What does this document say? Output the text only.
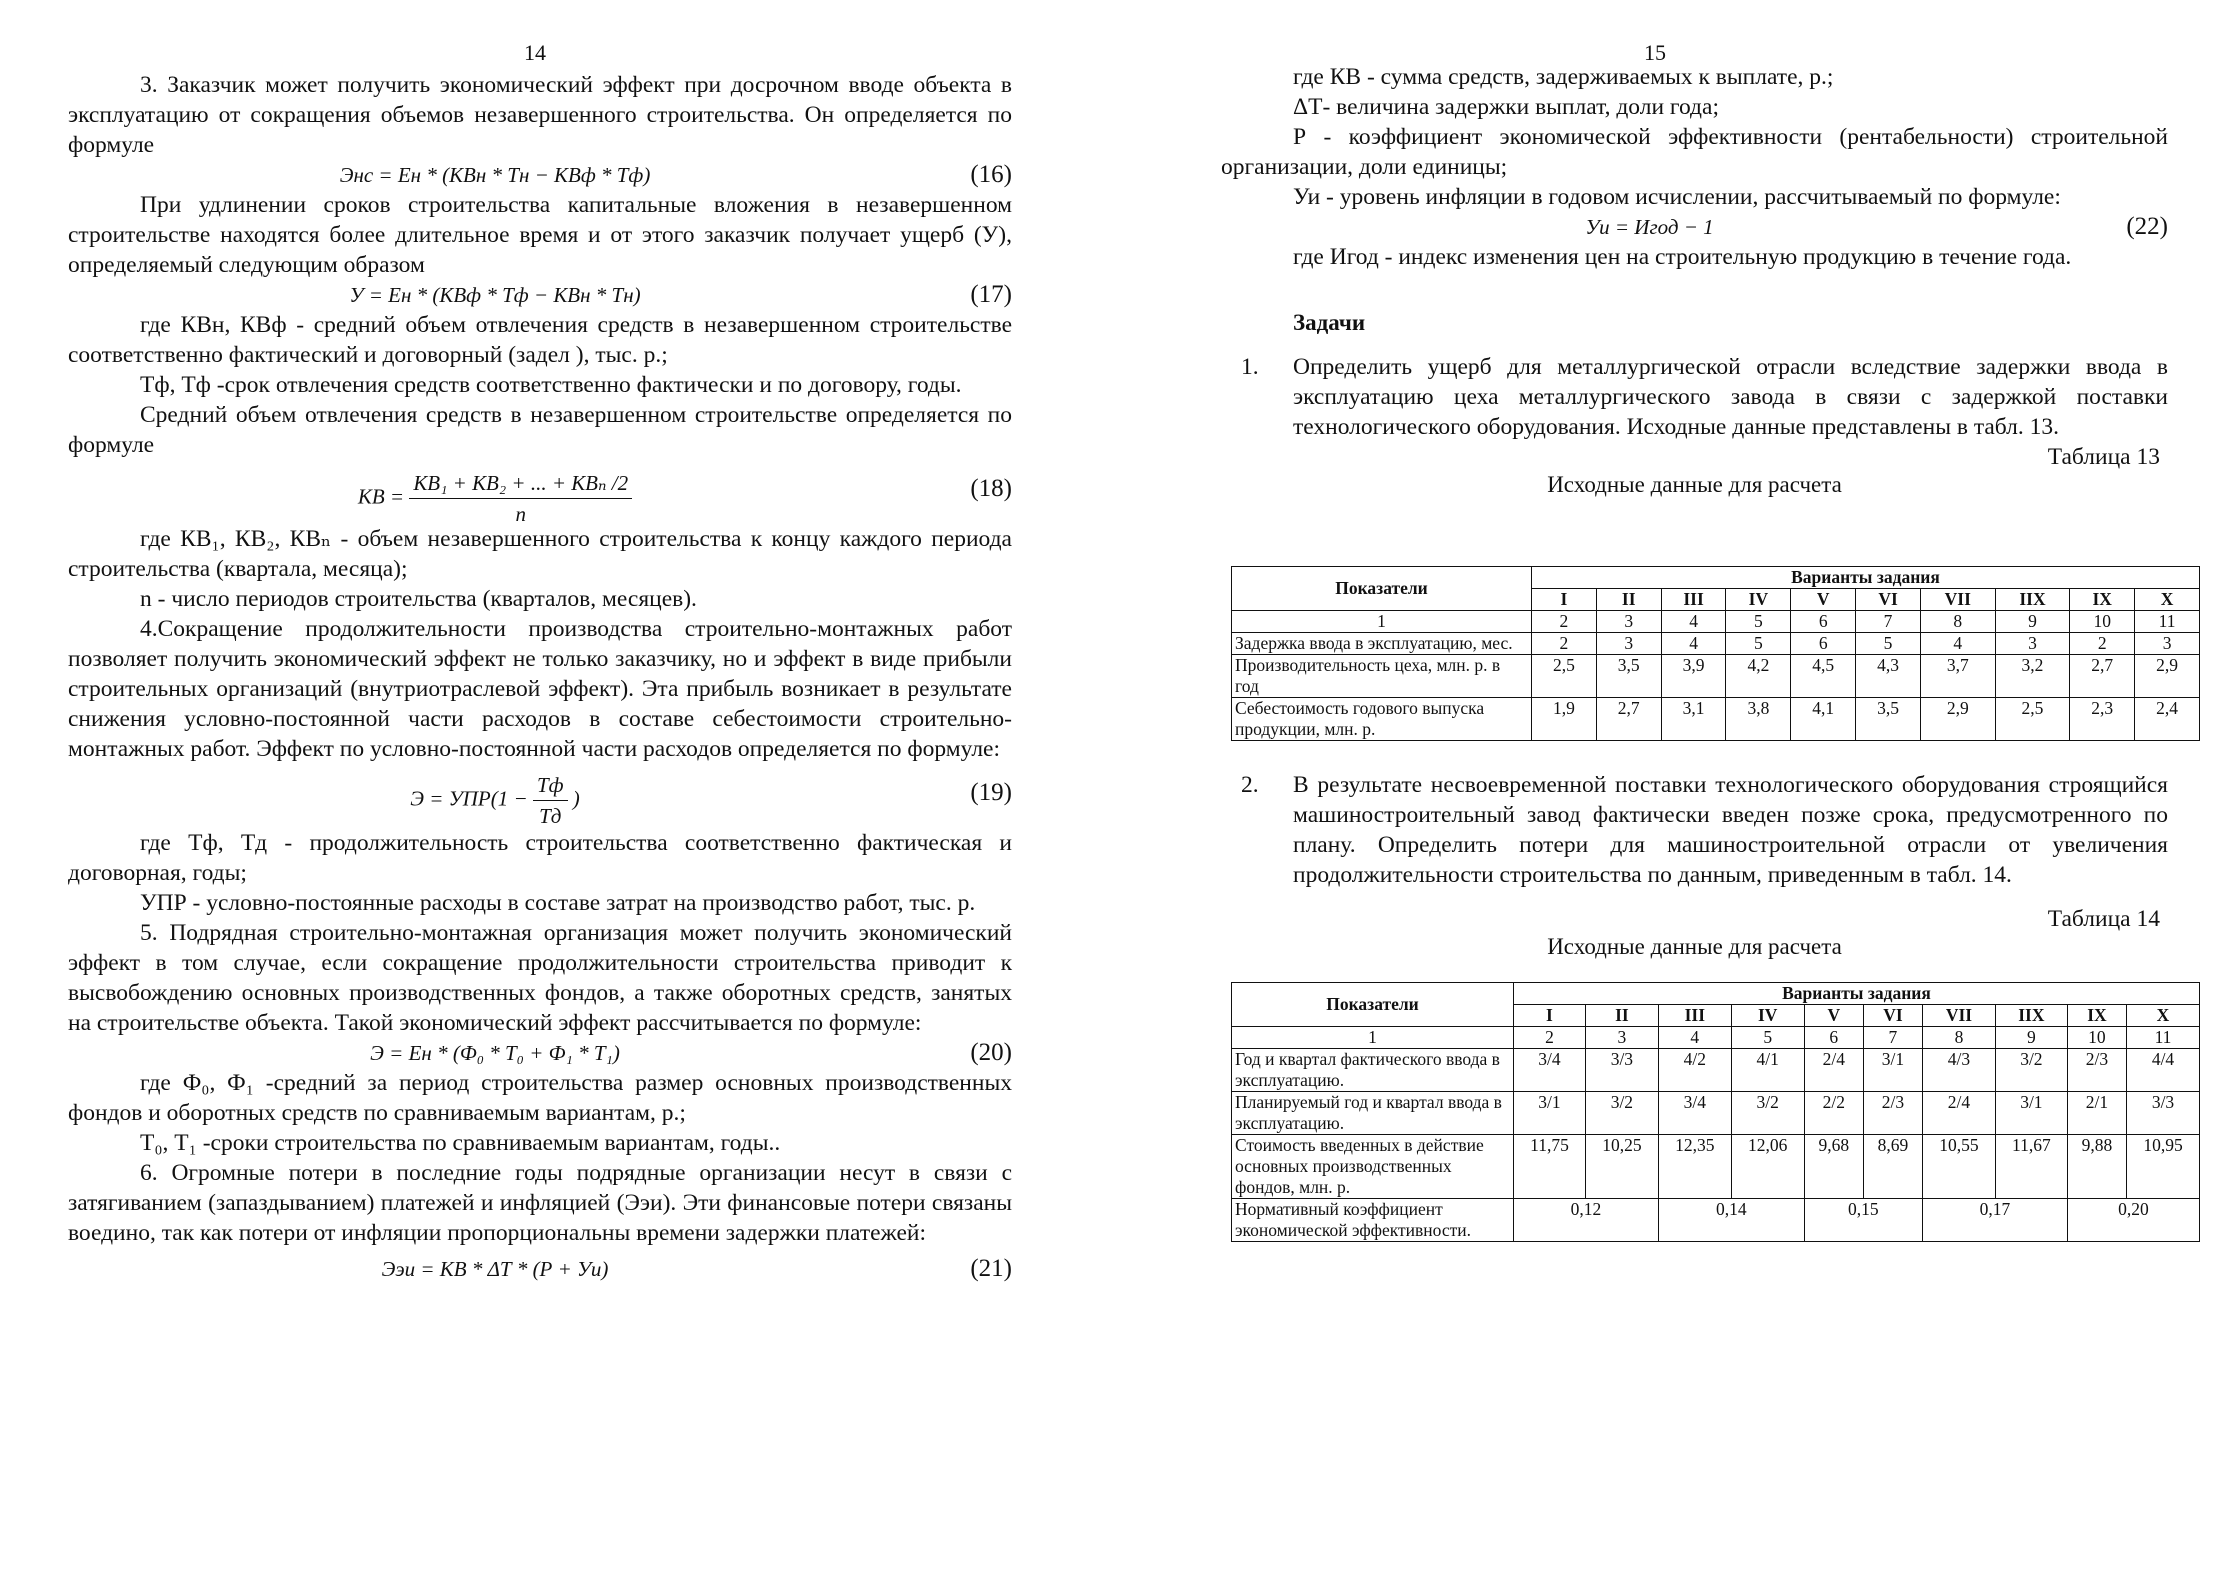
14

3. Заказчик может получить экономический эффект при досрочном вводе объекта в эксплуатацию от сокращения объемов незавершенного строительства. Он определяется по формуле

Энс = Ен * (КВн * Тн − КВф * Тф)	(16)

При удлинении сроков строительства капитальные вложения в незавершенном строительстве находятся более длительное время и от этого заказчик получает ущерб (У), определяемый следующим образом

У = Ен * (КВф * Тф − КВн * Тн)	(17)

где КВн, КВф - средний объем отвлечения средств в незавершенном строительстве соответственно фактический и договорный (задел ), тыс. р.;

Тф, Тф -срок отвлечения средств соответственно фактически и по договору, годы.

Средний объем отвлечения средств в незавершенном строительстве определяется по формуле

КВ = $\frac{\text{КВ₁ + КВ₂ + ... + КВₙ /2}}{n}$	(18)

где КВ₁, КВ₂, КВₙ - объем незавершенного строительства к концу каждого периода строительства (квартала, месяца);

n - число периодов строительства (кварталов, месяцев).

4.Сокращение продолжительности производства строительно-монтажных работ позволяет получить экономический эффект не только заказчику, но и эффект в виде прибыли строительных организаций (внутриотраслевой эффект). Эта прибыль возникает в результате снижения условно-постоянной части расходов в составе себестоимости строительно-монтажных работ. Эффект по условно-постоянной части расходов определяется по формуле:

$Э = УПР(1 - \frac{Тф}{Тд}$ )	(19)

где Тф, Тд - продолжительность строительства соответственно фактическая и договорная, годы;

УПР - условно-постоянные расходы в составе затрат на производство работ, тыс. р.

5. Подрядная строительно-монтажная организация может получить экономический эффект в том случае, если сокращение продолжительности строительства приводит к высвобождению основных производственных фондов, а также оборотных средств, занятых на строительстве объекта. Такой экономический эффект рассчитывается по формуле:

Э = Ен * (Ф₀ * Т₀ + Ф₁ * Т₁)	(20)

где Ф₀, Ф₁ -средний за период строительства размер основных производственных фондов и оборотных средств по сравниваемым вариантам, р.;

Т₀, Т₁ -сроки строительства по сравниваемым вариантам, годы..

6. Огромные потери в последние годы подрядные организации несут в связи с затягиванием (запаздыванием) платежей и инфляцией (Ээи). Эти финансовые потери связаны воедино, так как потери от инфляции пропорциональны времени задержки платежей:

Ээи = КВ * ΔТ * (Р + Уи)	(21)
15

где КВ - сумма средств, задерживаемых к выплате, р.;

ΔТ- величина задержки выплат, доли года;

Р - коэффициент экономической эффективности (рентабельности) строительной организации, доли единицы;

Уи - уровень инфляции в годовом исчислении, рассчитываемый по формуле:

Уи = Игод − 1	(22)

где Игод - индекс изменения цен на строительную продукцию в течение года.

Задачи
1. Определить ущерб для металлургической отрасли вследствие задержки ввода в эксплуатацию цеха металлургического завода в связи с задержкой поставки технологического оборудования. Исходные данные представлены в табл. 13.

Таблица 13
Исходные данные для расчета
Показатели	Варианты задания									
	I	II	III	IV	V	VI	VII	IIX	IX	X
1	2	3	4	5	6	7	8	9	10	11
Задержка ввода в эксплуатацию, мес.	2	3	4	5	6	5	4	3	2	3
Производительность цеха, млн. р. в год	2,5	3,5	3,9	4,2	4,5	4,3	3,7	3,2	2,7	2,9
Себестоимость годового выпуска продукции, млн. р.	1,9	2,7	3,1	3,8	4,1	3,5	2,9	2,5	2,3	2,4
2. В результате несвоевременной поставки технологического оборудования строящийся машиностроительный завод фактически введен позже срока, предусмотренного по плану. Определить потери для машиностроительной отрасли от увеличения продолжительности строительства по данным, приведенным в табл. 14.

Таблица 14
Исходные данные для расчета
Показатели	Варианты задания									
	I	II	III	IV	V	VI	VII	IIX	IX	X
1	2	3	4	5	6	7	8	9	10	11
Год и квартал фактического ввода в эксплуатацию.	3/4	3/3	4/2	4/1	2/4	3/1	4/3	3/2	2/3	4/4
Планируемый год и квартал ввода в эксплуатацию.	3/1	3/2	3/4	3/2	2/2	2/3	2/4	3/1	2/1	3/3
Стоимость введенных в действие основных производственных фондов, млн. р.	11,75	10,25	12,35	12,06	9,68	8,69	10,55	11,67	9,88	10,95
Нормативный коэффициент экономической эффективности.	0,12		0,14		0,15		0,17		0,20	
